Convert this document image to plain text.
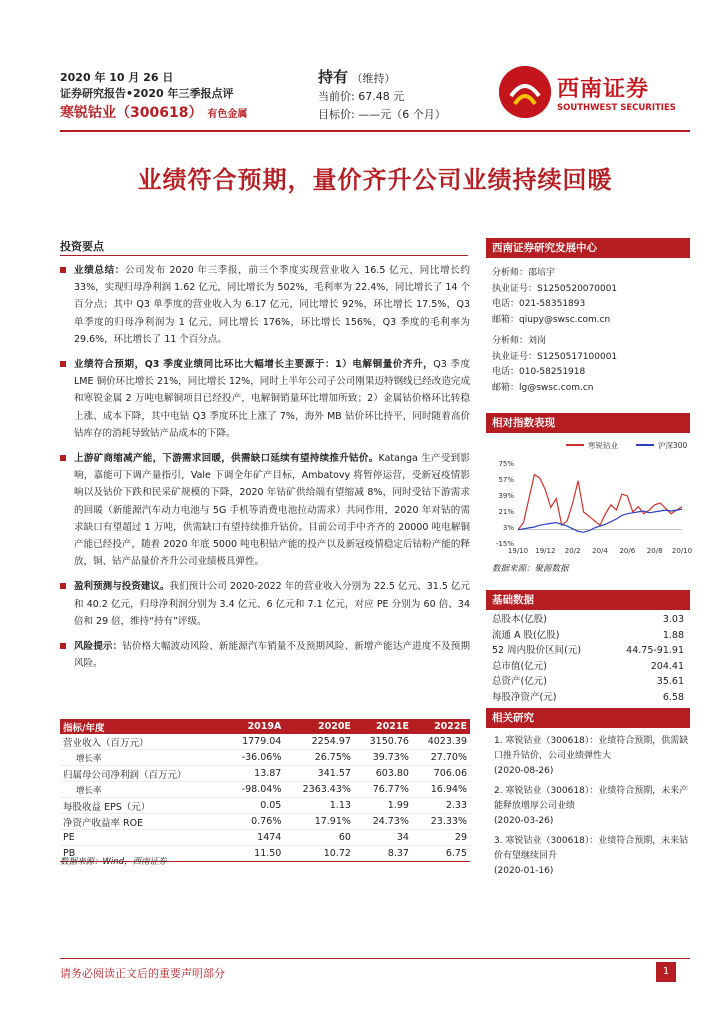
2020 年 10 月 26 日
证券研究报告•2020 年三季报点评
寒锐钴业（300618） 有色金属
持有 （维持）
当前价: 67.48 元
目标价: ——元（6 个月）
西南证券
SOUTHWEST SECURITIES
业绩符合预期，量价齐升公司业绩持续回暖
投资要点
业绩总结：公司发布 2020 年三季报，前三个季度实现营业收入 16.5 亿元，同比增长约 33%，实现归母净利润 1.62 亿元，同比增长为 502%，毛利率为 22.4%，同比增长了 14 个百分点；其中 Q3 单季度的营业收入为 6.17 亿元，同比增长 92%，环比增长 17.5%，Q3 单季度的归母净利润为 1 亿元，同比增长 176%，环比增长 156%，Q3 季度的毛利率为 29.6%，环比增长了 11 个百分点。
业绩符合预期，Q3 季度业绩同比环比大幅增长主要源于：1）电解铜量价齐升，Q3 季度 LME 铜价环比增长 21%，同比增长 12%，同时上半年公司子公司刚果迈特钢线已经改造完成和寒锐金属 2 万吨电解铜项目已经投产，电解铜销量环比增加所致；2）金属钴价格环比转稳上涨、成本下降，其中电钴 Q3 季度环比上涨了 7%，海外 MB 钴价环比持平，同时随着高价钴库存的消耗导致钴产品成本的下降。
上游矿商缩减产能，下游需求回暖，供需缺口延续有望持续推升钴价。Katanga 生产受到影响，嘉能可下调产量指引，Vale 下调全年矿产目标，Ambatovy 将暂停运营，受新冠疫情影响以及钴价下跌和民采矿规模的下降，2020 年钴矿供给端有望缩减 8%，同时受钴下游需求的回暖（新能源汽车动力电池与 5G 手机等消费电池拉动需求）共同作用，2020 年对钴的需求缺口有望超过 1 万吨，供需缺口有望持续推升钴价。目前公司手中齐齐的 20000 吨电解铜产能已经投产，随着 2020 年底 5000 吨电积钴产能的投产以及新冠疫情稳定后钴粉产能的释放，铜、钴产品量价齐升公司业绩极具弹性。
盈利预测与投资建议。我们预计公司 2020-2022 年的营业收入分别为 22.5 亿元、31.5 亿元和 40.2 亿元，归母净利润分别为 3.4 亿元、6 亿元和 7.1 亿元，对应 PE 分别为 60 倍、34 倍和 29 倍，维持“持有”评级。
风险提示：钴价格大幅波动风险、新能源汽车销量不及预期风险、新增产能达产进度不及预期风险。
指标/年度	2019A	2020E	2021E	2022E
营业收入（百万元）	1779.04	2254.97	3150.76	4023.39
增长率	-36.06%	26.75%	39.73%	27.70%
归属母公司净利润（百万元）	13.87	341.57	603.80	706.06
增长率	-98.04%	2363.43%	76.77%	16.94%
每股收益 EPS（元）	0.05	1.13	1.99	2.33
净资产收益率 ROE	0.76%	17.91%	24.73%	23.33%
PE	1474	60	34	29
PB	11.50	10.72	8.37	6.75
数据来源：Wind，西南证券
西南证券研究发展中心
分析师：邵培宇
执业证号：S1250520070001
电话：021-58351893
邮箱：qiupy@swsc.com.cn
分析师：刘岗
执业证号：S1250517100001
电话：010-58251918
邮箱：lg@swsc.com.cn
相对指数表现
寒锐钴业	沪深300
75%
57%
39%
21%
3%
-15%
19/10 19/12 20/2 20/4 20/6 20/8 20/10
数据来源：聚源数据
基础数据
总股本(亿股)	3.03
流通 A 股(亿股)	1.88
52 周内股价区间(元)	44.75-91.91
总市值(亿元)	204.41
总资产(亿元)	35.61
每股净资产(元)	6.58
相关研究
1. 寒锐钴业（300618）：业绩符合预期，供需缺口推升钴价，公司业绩弹性大
(2020-08-26)
2. 寒锐钴业（300618）：业绩符合预期，未来产能释放增厚公司业绩
(2020-03-26)
3. 寒锐钴业（300618）：业绩符合预期，未来钴价有望继续回升
(2020-01-16)
请务必阅读正文后的重要声明部分	1
